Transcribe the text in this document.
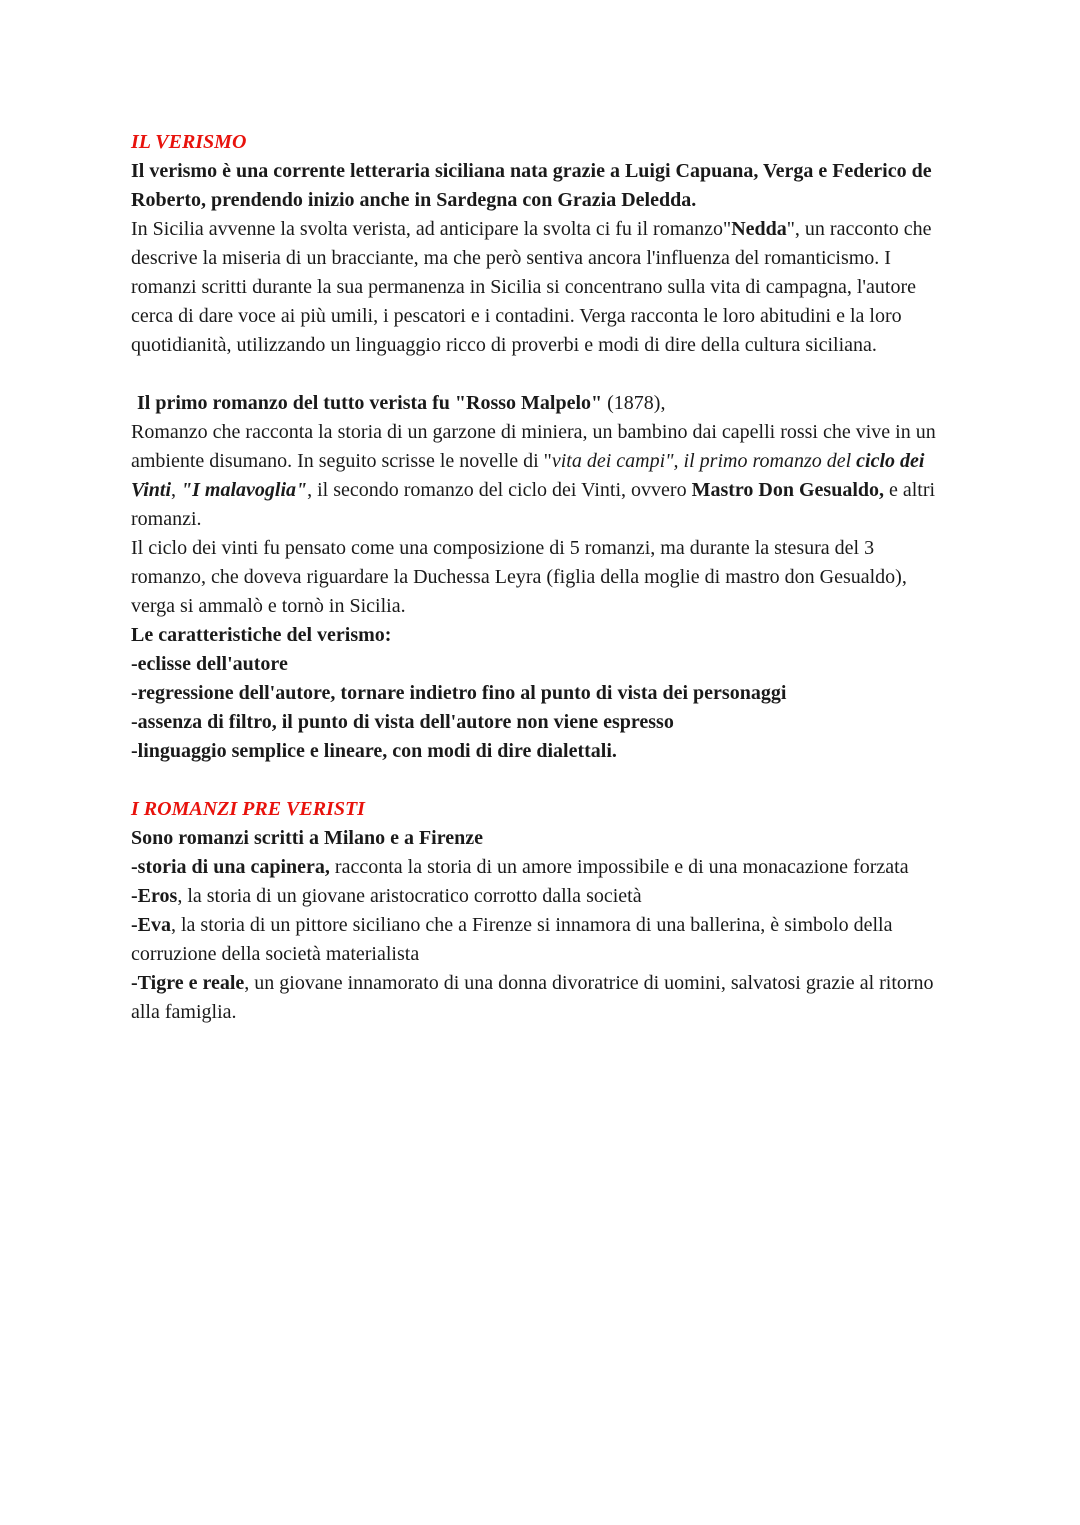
IL VERISMO

Il verismo è una corrente letteraria siciliana nata grazie a Luigi Capuana, Verga e Federico de Roberto, prendendo inizio anche in Sardegna con Grazia Deledda.

In Sicilia avvenne la svolta verista, ad anticipare la svolta ci fu il romanzo"Nedda", un racconto che descrive la miseria di un bracciante, ma che però sentiva ancora l'influenza del romanticismo. I romanzi scritti durante la sua permanenza in Sicilia si concentrano sulla vita di campagna, l'autore cerca di dare voce ai più umili, i pescatori e i contadini. Verga racconta le loro abitudini e la loro quotidianità, utilizzando un linguaggio ricco di proverbi e modi di dire della cultura siciliana.

Il primo romanzo del tutto verista fu "Rosso Malpelo" (1878),

Romanzo che racconta la storia di un garzone di miniera, un bambino dai capelli rossi che vive in un ambiente disumano. In seguito scrisse le novelle di "vita dei campi", il primo romanzo del ciclo dei Vinti, "I malavoglia", il secondo romanzo del ciclo dei Vinti, ovvero Mastro Don Gesualdo, e altri romanzi.

Il ciclo dei vinti fu pensato come una composizione di 5 romanzi, ma durante la stesura del 3 romanzo, che doveva riguardare la Duchessa Leyra (figlia della moglie di mastro don Gesualdo), verga si ammalò e tornò in Sicilia.

Le caratteristiche del verismo:

-eclisse dell'autore

-regressione dell'autore, tornare indietro fino al punto di vista dei personaggi

-assenza di filtro, il punto di vista dell'autore non viene espresso

-linguaggio semplice e lineare, con modi di dire dialettali.

I ROMANZI PRE VERISTI

Sono romanzi scritti a Milano e a Firenze

-storia di una capinera, racconta la storia di un amore impossibile e di una monacazione forzata

-Eros, la storia di un giovane aristocratico corrotto dalla società

-Eva, la storia di un pittore siciliano che a Firenze si innamora di una ballerina, è simbolo della corruzione della società materialista

-Tigre e reale, un giovane innamorato di una donna divoratrice di uomini, salvatosi grazie al ritorno alla famiglia.
